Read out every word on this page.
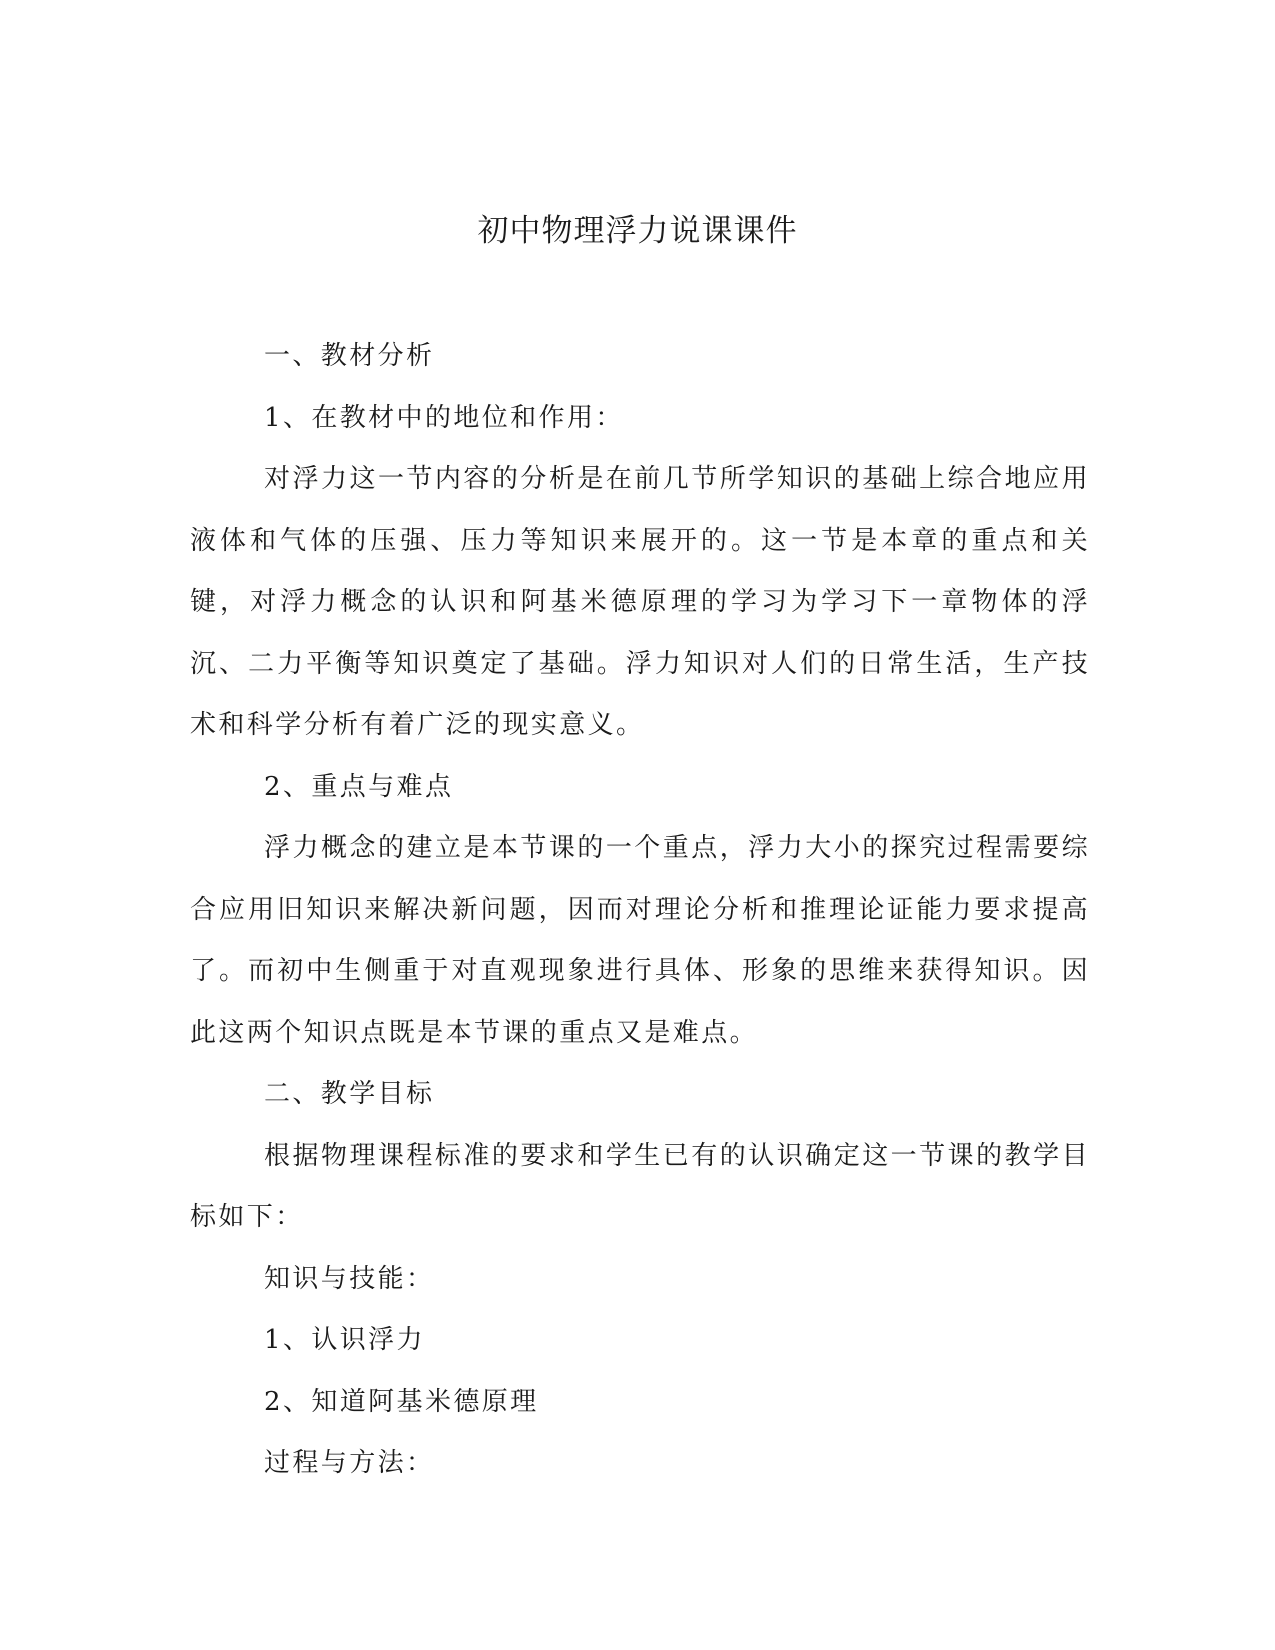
初中物理浮力说课课件

一、教材分析

1、在教材中的地位和作用：

对浮力这一节内容的分析是在前几节所学知识的基础上综合地应用液体和气体的压强、压力等知识来展开的。这一节是本章的重点和关键，对浮力概念的认识和阿基米德原理的学习为学习下一章物体的浮沉、二力平衡等知识奠定了基础。浮力知识对人们的日常生活，生产技术和科学分析有着广泛的现实意义。

2、重点与难点

浮力概念的建立是本节课的一个重点，浮力大小的探究过程需要综合应用旧知识来解决新问题，因而对理论分析和推理论证能力要求提高了。而初中生侧重于对直观现象进行具体、形象的思维来获得知识。因此这两个知识点既是本节课的重点又是难点。

二、教学目标

根据物理课程标准的要求和学生已有的认识确定这一节课的教学目标如下：

知识与技能：

1、认识浮力

2、知道阿基米德原理

过程与方法：
